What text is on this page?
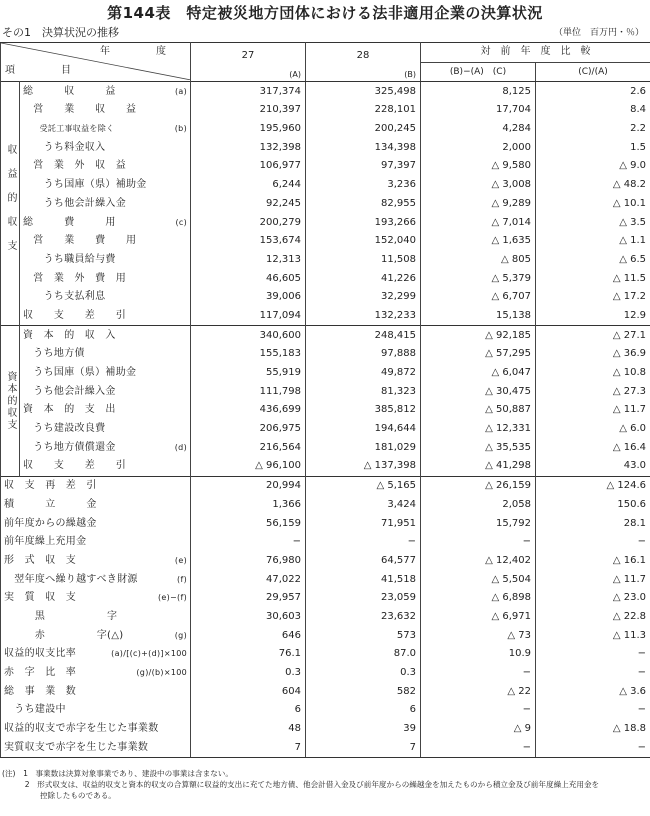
第144表　特定被災地方団体における法非適用企業の決算状況
その1　決算状況の推移	（単位　百万円・％）
年　度
項　目		27	28	対　前　年　度　比　較	
		(A)	(B)	(B)−(A)　(C)	(C)/(A)
収益的収支	(a)
総　　　収　　　益	317,374	325,498	8,125	2.6
	　営　　業　　収　　益	210,397	228,101	17,704	8.4

	(b)
　　受託工事収益を除く	195,960	200,245	4,284	2.2
	　　うち料金収入	132,398	134,398	2,000	1.5
	　営　業　外　収　益	106,977	97,397	△ 9,580	△ 9.0
	　　うち国庫（県）補助金	6,244	3,236	△ 3,008	△ 48.2
	　　うち他会計繰入金	92,245	82,955	△ 9,289	△ 10.1

	(c)
総　　　費　　　用	200,279	193,266	△ 7,014	△ 3.5
	　営　　業　　費　　用	153,674	152,040	△ 1,635	△ 1.1
	　　うち職員給与費	12,313	11,508	△ 805	△ 6.5
	　営　業　外　費　用	46,605	41,226	△ 5,379	△ 11.5
	　　うち支払利息	39,006	32,299	△ 6,707	△ 17.2
	収　　支　　差　　引	117,094	132,233	15,138	12.9
資本的収支	資　本　的　収　入	340,600	248,415	△ 92,185	△ 27.1
	　うち地方債	155,183	97,888	△ 57,295	△ 36.9
	　うち国庫（県）補助金	55,919	49,872	△ 6,047	△ 10.8
	　うち他会計繰入金	111,798	81,323	△ 30,475	△ 27.3
	資　本　的　支　出	436,699	385,812	△ 50,887	△ 11.7
	　うち建設改良費	206,975	194,644	△ 12,331	△ 6.0

	(d)
　うち地方債償還金	216,564	181,029	△ 35,535	△ 16.4
	収　　支　　差　　引	△ 96,100	△ 137,398	△ 41,298	43.0
収　支　再　差　引		20,994	△ 5,165	△ 26,159	△ 124.6
積　　　立　　　金		1,366	3,424	2,058	150.6
前年度からの繰越金		56,159	71,951	15,792	28.1
前年度繰上充用金		−	−	−	−

(e)
形　式　収　支		76,980	64,577	△ 12,402	△ 16.1

(f)
　翌年度へ繰り越すべき財源		47,022	41,518	△ 5,504	△ 11.7

(e)−(f)
実　質　収　支		29,957	23,059	△ 6,898	△ 23.0
　　　黒　　　　　　字		30,603	23,632	△ 6,971	△ 22.8

(g)
　　　赤　　　　　字(△)		646	573	△ 73	△ 11.3

(a)/[(c)+(d)]×100
収益的収支比率		76.1	87.0	10.9	−

(g)/(b)×100
赤　字　比　率		0.3	0.3	−	−
総　事　業　数		604	582	△ 22	△ 3.6
　うち建設中		6	6	−	−
収益的収支で赤字を生じた事業数		48	39	△ 9	△ 18.8
実質収支で赤字を生じた事業数		7	7	−	−
(注)　1　事業数は決算対象事業であり、建設中の事業は含まない。
　　　2　形式収支は、収益的収支と資本的収支の合算額に収益的支出に充てた地方債、他会計借入金及び前年度からの繰越金を加えたものから積立金及び前年度繰上充用金を
　　　　　控除したものである。
